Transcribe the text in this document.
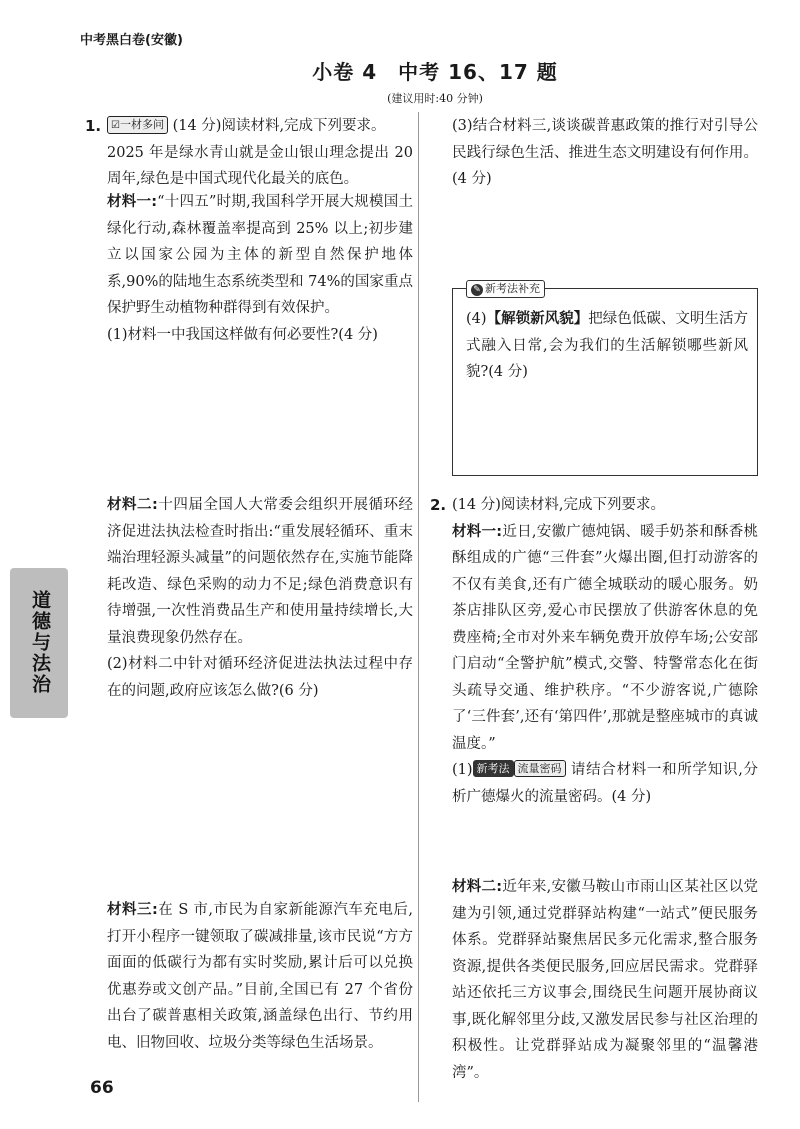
中考黑白卷(安徽)
小卷 4　中考 16、17 题
(建议用时:40 分钟)
1. ☑一材多问 (14 分)阅读材料,完成下列要求。
2025 年是绿水青山就是金山银山理念提出 20 周年,绿色是中国式现代化最关的底色。
材料一:“十四五”时期,我国科学开展大规模国土绿化行动,森林覆盖率提高到 25% 以上;初步建立以国家公园为主体的新型自然保护地体系,90%的陆地生态系统类型和 74%的国家重点保护野生动植物种群得到有效保护。
(1)材料一中我国这样做有何必要性?(4 分)
材料二:十四届全国人大常委会组织开展循环经济促进法执法检查时指出:“重发展轻循环、重末端治理轻源头减量”的问题依然存在,实施节能降耗改造、绿色采购的动力不足;绿色消费意识有待增强,一次性消费品生产和使用量持续增长,大量浪费现象仍然存在。
(2)材料二中针对循环经济促进法执法过程中存在的问题,政府应该怎么做?(6 分)
材料三:在 S 市,市民为自家新能源汽车充电后,打开小程序一键领取了碳减排量,该市民说“方方面面的低碳行为都有实时奖励,累计后可以兑换优惠券或文创产品。”目前,全国已有 27 个省份出台了碳普惠相关政策,涵盖绿色出行、节约用电、旧物回收、垃圾分类等绿色生活场景。
(3)结合材料三,谈谈碳普惠政策的推行对引导公民践行绿色生活、推进生态文明建设有何作用。(4 分)
✎ 新考法补充
(4)【解锁新风貌】把绿色低碳、文明生活方式融入日常,会为我们的生活解锁哪些新风貌?(4 分)
2. (14 分)阅读材料,完成下列要求。
材料一:近日,安徽广德炖锅、暖手奶茶和酥香桃酥组成的广德“三件套”火爆出圈,但打动游客的不仅有美食,还有广德全城联动的暖心服务。奶茶店排队区旁,爱心市民摆放了供游客休息的免费座椅;全市对外来车辆免费开放停车场;公安部门启动“全警护航”模式,交警、特警常态化在街头疏导交通、维护秩序。“不少游客说,广德除了‘三件套’,还有‘第四件’,那就是整座城市的真诚温度。”
(1) 新考法 流量密码 请结合材料一和所学知识,分析广德爆火的流量密码。(4 分)
材料二:近年来,安徽马鞍山市雨山区某社区以党建为引领,通过党群驿站构建“一站式”便民服务体系。党群驿站聚焦居民多元化需求,整合服务资源,提供各类便民服务,回应居民需求。党群驿站还依托三方议事会,围绕民生问题开展协商议事,既化解邻里分歧,又激发居民参与社区治理的积极性。让党群驿站成为凝聚邻里的“温馨港湾”。
道德与法治
66
